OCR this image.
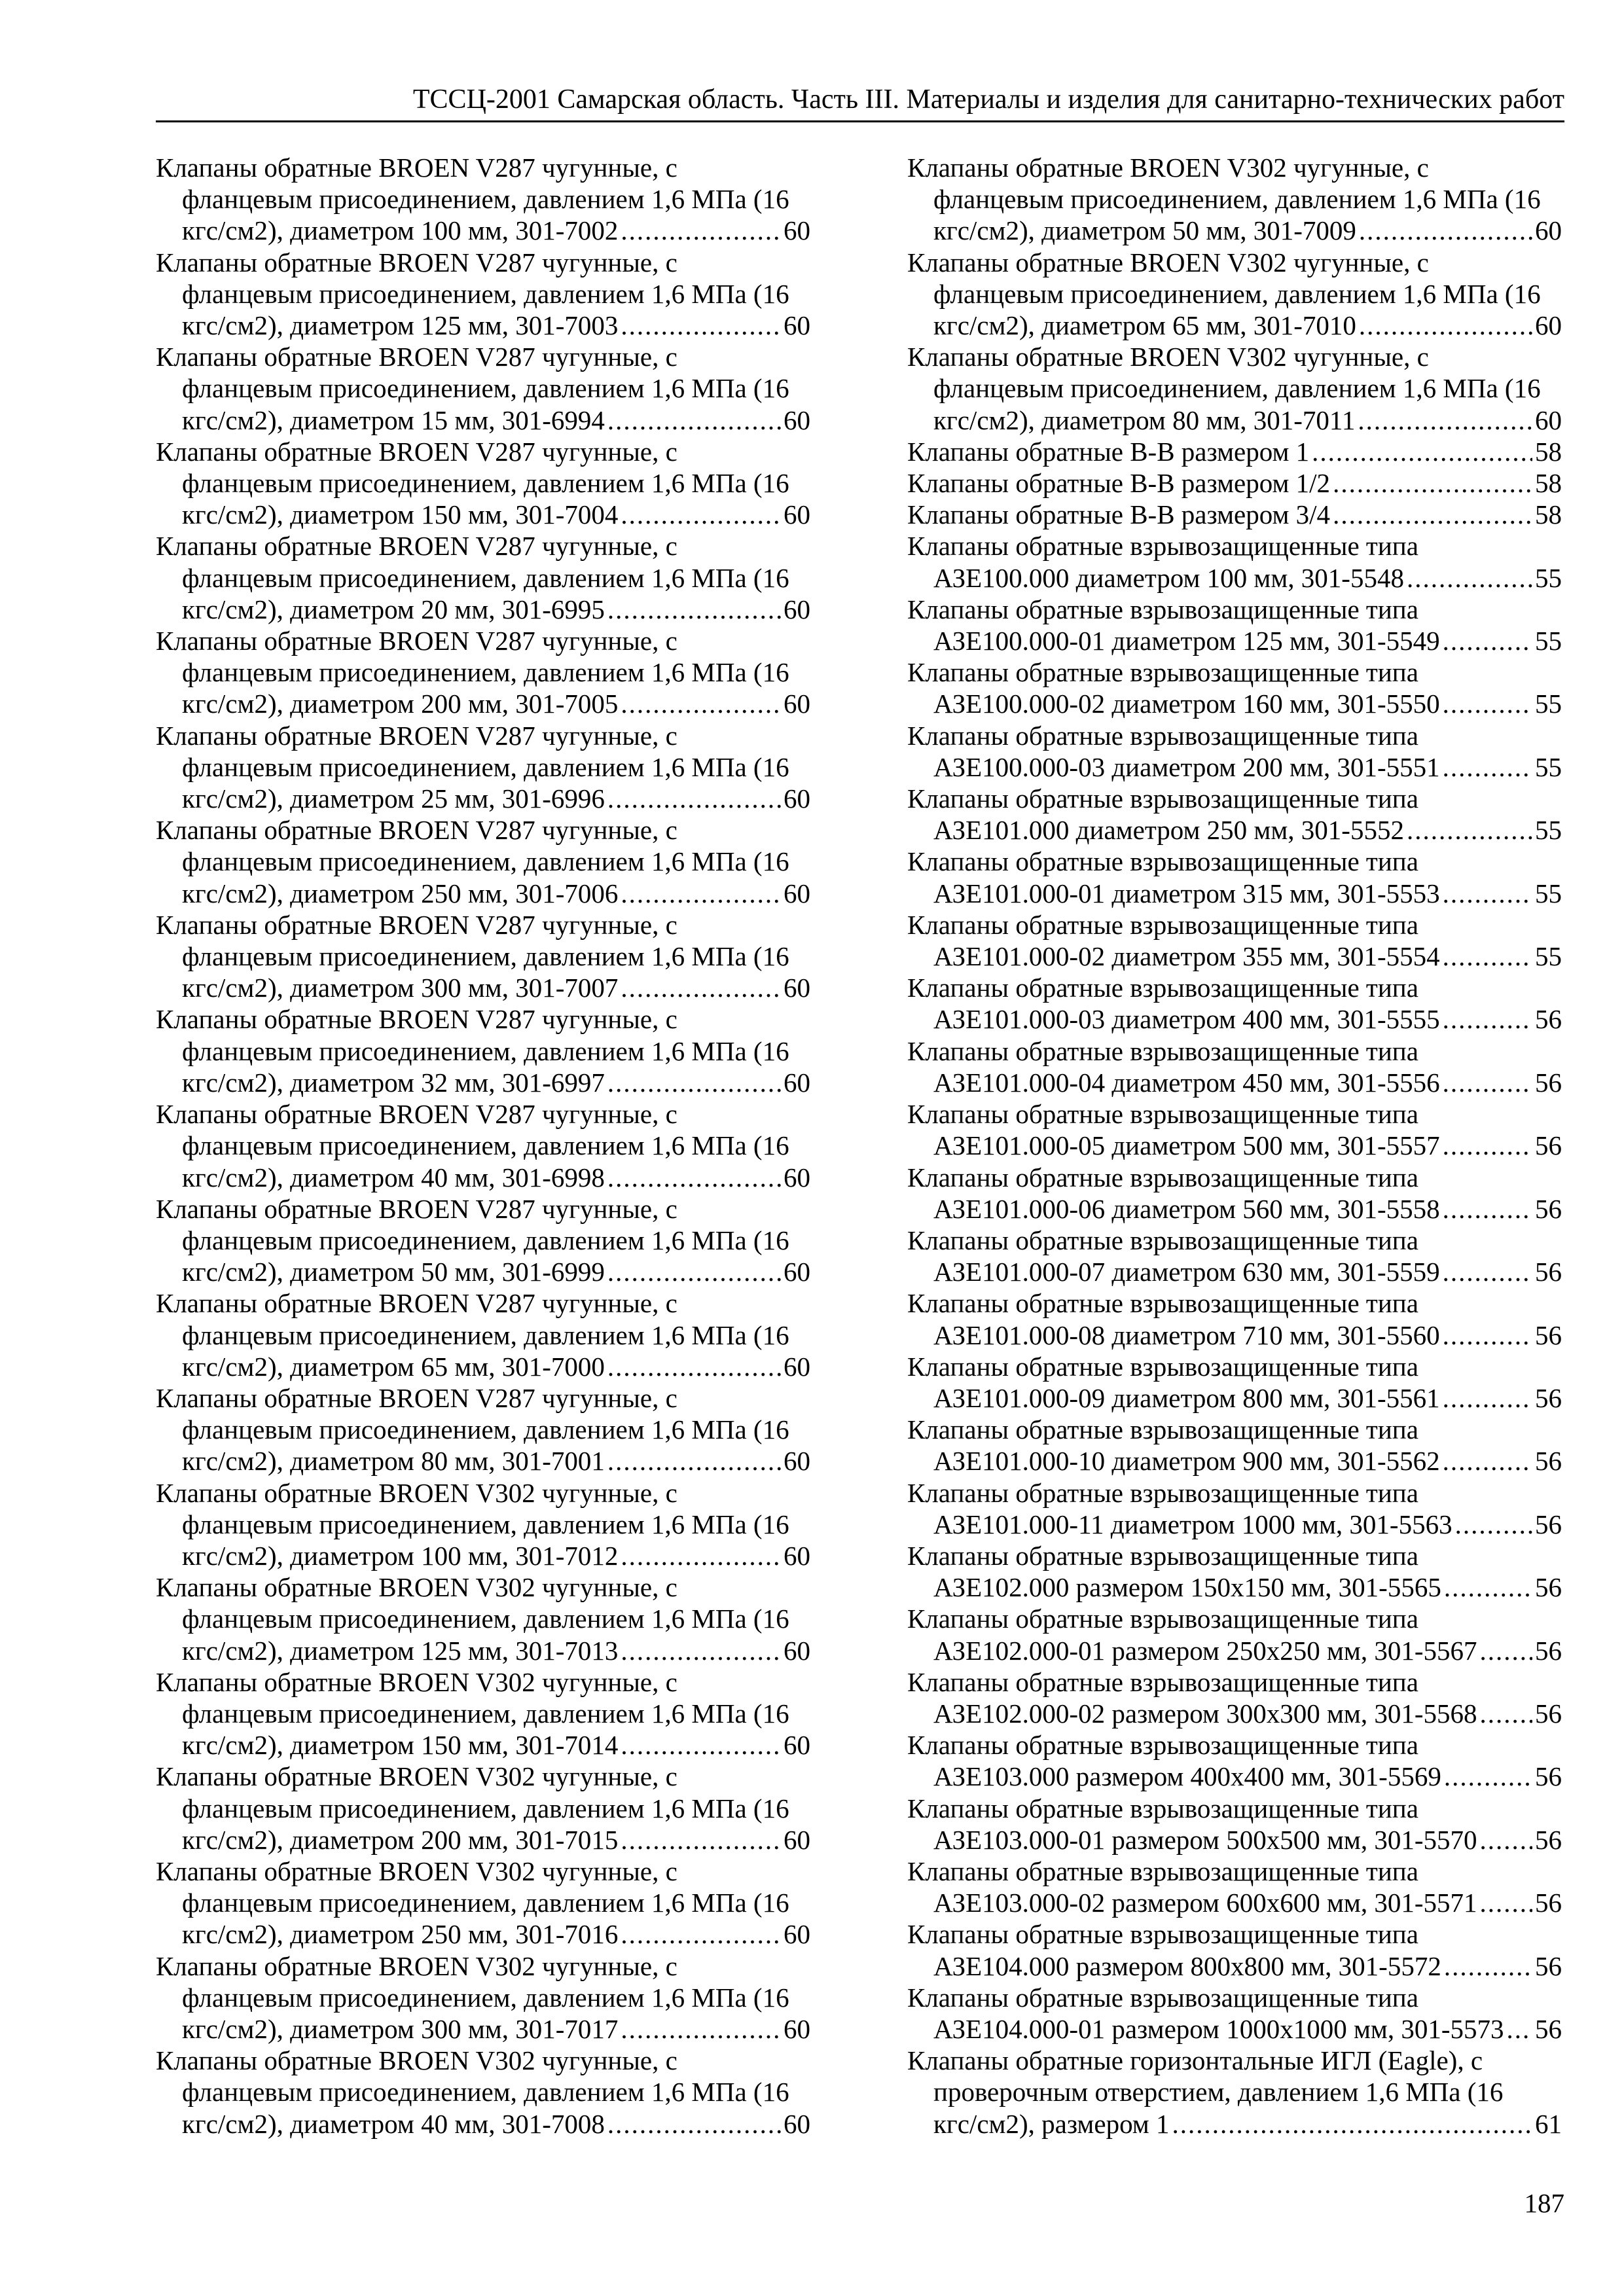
ТССЦ-2001 Самарская область. Часть III. Материалы и изделия для санитарно-технических работ
Клапаны обратные BROEN V287 чугунные, с
фланцевым присоединением, давлением 1,6 МПа (16
кгс/см2), диаметром 100 мм, 301-7002 .....	60
Клапаны обратные BROEN V287 чугунные, с
фланцевым присоединением, давлением 1,6 МПа (16
кгс/см2), диаметром 125 мм, 301-7003 .....	60
Клапаны обратные BROEN V287 чугунные, с
фланцевым присоединением, давлением 1,6 МПа (16
кгс/см2), диаметром 15 мм, 301-6994 .....	60
Клапаны обратные BROEN V287 чугунные, с
фланцевым присоединением, давлением 1,6 МПа (16
кгс/см2), диаметром 150 мм, 301-7004 .....	60
Клапаны обратные BROEN V287 чугунные, с
фланцевым присоединением, давлением 1,6 МПа (16
кгс/см2), диаметром 20 мм, 301-6995 .....	60
Клапаны обратные BROEN V287 чугунные, с
фланцевым присоединением, давлением 1,6 МПа (16
кгс/см2), диаметром 200 мм, 301-7005 .....	60
Клапаны обратные BROEN V287 чугунные, с
фланцевым присоединением, давлением 1,6 МПа (16
кгс/см2), диаметром 25 мм, 301-6996 .....	60
Клапаны обратные BROEN V287 чугунные, с
фланцевым присоединением, давлением 1,6 МПа (16
кгс/см2), диаметром 250 мм, 301-7006 .....	60
Клапаны обратные BROEN V287 чугунные, с
фланцевым присоединением, давлением 1,6 МПа (16
кгс/см2), диаметром 300 мм, 301-7007 .....	60
Клапаны обратные BROEN V287 чугунные, с
фланцевым присоединением, давлением 1,6 МПа (16
кгс/см2), диаметром 32 мм, 301-6997 .....	60
Клапаны обратные BROEN V287 чугунные, с
фланцевым присоединением, давлением 1,6 МПа (16
кгс/см2), диаметром 40 мм, 301-6998 .....	60
Клапаны обратные BROEN V287 чугунные, с
фланцевым присоединением, давлением 1,6 МПа (16
кгс/см2), диаметром 50 мм, 301-6999 .....	60
Клапаны обратные BROEN V287 чугунные, с
фланцевым присоединением, давлением 1,6 МПа (16
кгс/см2), диаметром 65 мм, 301-7000 .....	60
Клапаны обратные BROEN V287 чугунные, с
фланцевым присоединением, давлением 1,6 МПа (16
кгс/см2), диаметром 80 мм, 301-7001 .....	60
Клапаны обратные BROEN V302 чугунные, с
фланцевым присоединением, давлением 1,6 МПа (16
кгс/см2), диаметром 100 мм, 301-7012 .....	60
Клапаны обратные BROEN V302 чугунные, с
фланцевым присоединением, давлением 1,6 МПа (16
кгс/см2), диаметром 125 мм, 301-7013 .....	60
Клапаны обратные BROEN V302 чугунные, с
фланцевым присоединением, давлением 1,6 МПа (16
кгс/см2), диаметром 150 мм, 301-7014 .....	60
Клапаны обратные BROEN V302 чугунные, с
фланцевым присоединением, давлением 1,6 МПа (16
кгс/см2), диаметром 200 мм, 301-7015 .....	60
Клапаны обратные BROEN V302 чугунные, с
фланцевым присоединением, давлением 1,6 МПа (16
кгс/см2), диаметром 250 мм, 301-7016 .....	60
Клапаны обратные BROEN V302 чугунные, с
фланцевым присоединением, давлением 1,6 МПа (16
кгс/см2), диаметром 300 мм, 301-7017 .....	60
Клапаны обратные BROEN V302 чугунные, с
фланцевым присоединением, давлением 1,6 МПа (16
кгс/см2), диаметром 40 мм, 301-7008 .....	60
Клапаны обратные BROEN V302 чугунные, с
фланцевым присоединением, давлением 1,6 МПа (16
кгс/см2), диаметром 50 мм, 301-7009 .....	60
Клапаны обратные BROEN V302 чугунные, с
фланцевым присоединением, давлением 1,6 МПа (16
кгс/см2), диаметром 65 мм, 301-7010 .....	60
Клапаны обратные BROEN V302 чугунные, с
фланцевым присоединением, давлением 1,6 МПа (16
кгс/см2), диаметром 80 мм, 301-7011 .....	60
Клапаны обратные В-В размером 1 .....	58
Клапаны обратные В-В размером 1/2 .....	58
Клапаны обратные В-В размером 3/4 .....	58
Клапаны обратные взрывозащищенные типа
АЗЕ100.000 диаметром 100 мм, 301-5548 .....	55
Клапаны обратные взрывозащищенные типа
АЗЕ100.000-01 диаметром 125 мм, 301-5549 .....	55
Клапаны обратные взрывозащищенные типа
АЗЕ100.000-02 диаметром 160 мм, 301-5550 .....	55
Клапаны обратные взрывозащищенные типа
АЗЕ100.000-03 диаметром 200 мм, 301-5551 .....	55
Клапаны обратные взрывозащищенные типа
АЗЕ101.000 диаметром 250 мм, 301-5552 .....	55
Клапаны обратные взрывозащищенные типа
АЗЕ101.000-01 диаметром 315 мм, 301-5553 .....	55
Клапаны обратные взрывозащищенные типа
АЗЕ101.000-02 диаметром 355 мм, 301-5554 .....	55
Клапаны обратные взрывозащищенные типа
АЗЕ101.000-03 диаметром 400 мм, 301-5555 .....	56
Клапаны обратные взрывозащищенные типа
АЗЕ101.000-04 диаметром 450 мм, 301-5556 .....	56
Клапаны обратные взрывозащищенные типа
АЗЕ101.000-05 диаметром 500 мм, 301-5557 .....	56
Клапаны обратные взрывозащищенные типа
АЗЕ101.000-06 диаметром 560 мм, 301-5558 .....	56
Клапаны обратные взрывозащищенные типа
АЗЕ101.000-07 диаметром 630 мм, 301-5559 .....	56
Клапаны обратные взрывозащищенные типа
АЗЕ101.000-08 диаметром 710 мм, 301-5560 .....	56
Клапаны обратные взрывозащищенные типа
АЗЕ101.000-09 диаметром 800 мм, 301-5561 .....	56
Клапаны обратные взрывозащищенные типа
АЗЕ101.000-10 диаметром 900 мм, 301-5562 .....	56
Клапаны обратные взрывозащищенные типа
АЗЕ101.000-11 диаметром 1000 мм, 301-5563 .....	56
Клапаны обратные взрывозащищенные типа
АЗЕ102.000 размером 150х150 мм, 301-5565 .....	56
Клапаны обратные взрывозащищенные типа
АЗЕ102.000-01 размером 250х250 мм, 301-5567 ..... 56
Клапаны обратные взрывозащищенные типа
АЗЕ102.000-02 размером 300х300 мм, 301-5568 ..... 56
Клапаны обратные взрывозащищенные типа
АЗЕ103.000 размером 400х400 мм, 301-5569 .....	56
Клапаны обратные взрывозащищенные типа
АЗЕ103.000-01 размером 500х500 мм, 301-5570 ..... 56
Клапаны обратные взрывозащищенные типа
АЗЕ103.000-02 размером 600х600 мм, 301-5571 ..... 56
Клапаны обратные взрывозащищенные типа
АЗЕ104.000 размером 800х800 мм, 301-5572 .....	56
Клапаны обратные взрывозащищенные типа
АЗЕ104.000-01 размером 1000х1000 мм, 301-5573 ..... 56
Клапаны обратные горизонтальные ИГЛ (Eagle), с
проверочным отверстием, давлением 1,6 МПа (16
кгс/см2), размером 1 .....	61
187
